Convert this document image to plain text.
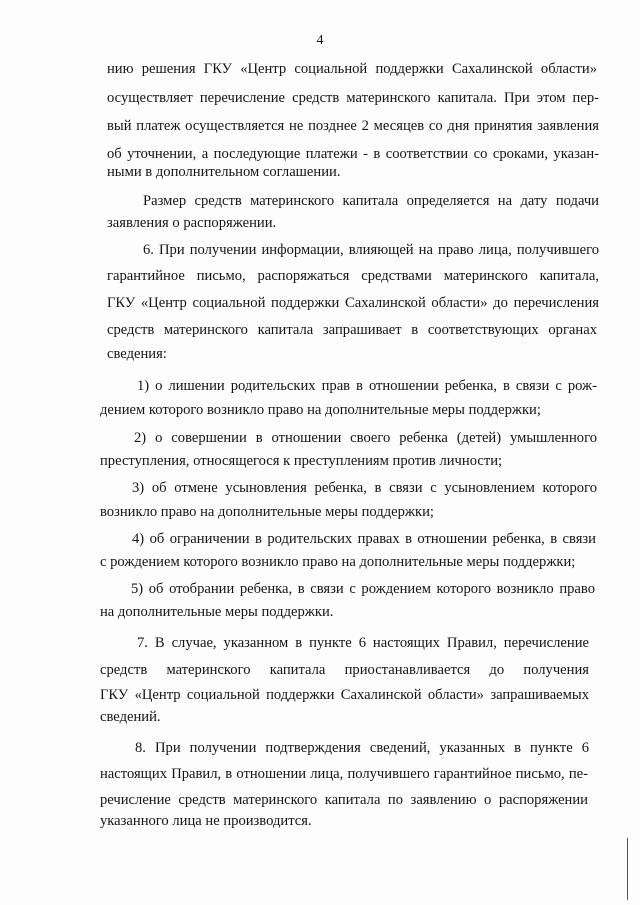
4
нию решения ГКУ «Центр социальной поддержки Сахалинской области»
осуществляет перечисление средств материнского капитала. При этом пер-
вый платеж осуществляется не позднее 2 месяцев со дня принятия заявления
об уточнении, а последующие платежи - в соответствии со сроками, указан-
ными в дополнительном соглашении.
Размер средств материнского капитала определяется на дату подачи
заявления о распоряжении.
6. При получении информации, влияющей на право лица, получившего
гарантийное письмо, распоряжаться средствами материнского капитала,
ГКУ «Центр социальной поддержки Сахалинской области» до перечисления
средств материнского капитала запрашивает в соответствующих органах
сведения:
1) о лишении родительских прав в отношении ребенка, в связи с рож-
дением которого возникло право на дополнительные меры поддержки;
2) о совершении в отношении своего ребенка (детей) умышленного
преступления, относящегося к преступлениям против личности;
3) об отмене усыновления ребенка, в связи с усыновлением которого
возникло право на дополнительные меры поддержки;
4) об ограничении в родительских правах в отношении ребенка, в связи
с рождением которого возникло право на дополнительные меры поддержки;
5) об отобрании ребенка, в связи с рождением которого возникло право
на дополнительные меры поддержки.
7. В случае, указанном в пункте 6 настоящих Правил, перечисление
средств материнского капитала приостанавливается до получения
ГКУ «Центр социальной поддержки Сахалинской области» запрашиваемых
сведений.
8. При получении подтверждения сведений, указанных в пункте 6
настоящих Правил, в отношении лица, получившего гарантийное письмо, пе-
речисление средств материнского капитала по заявлению о распоряжении
указанного лица не производится.
